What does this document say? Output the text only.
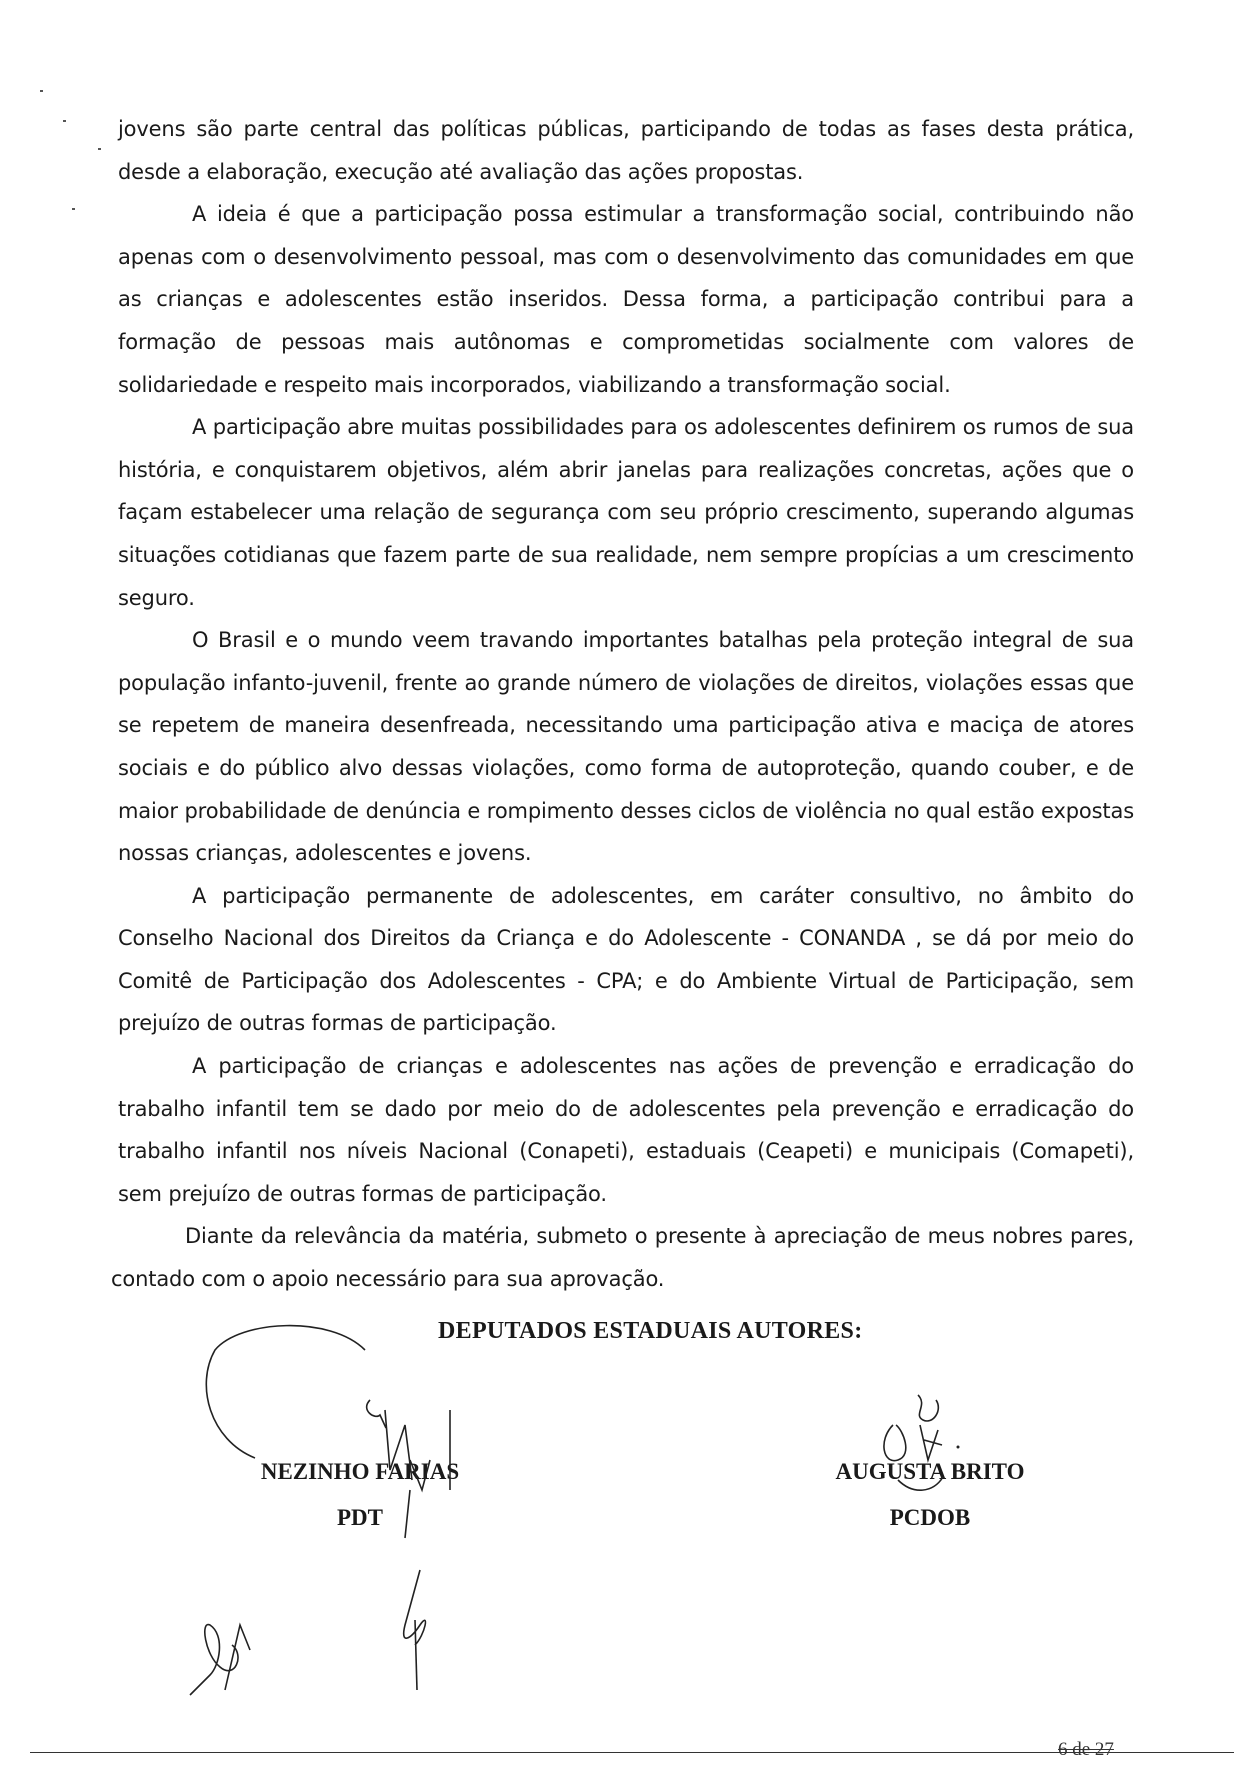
jovens são parte central das políticas públicas, participando de todas as fases desta prática, desde a elaboração, execução até avaliação das ações propostas.

A ideia é que a participação possa estimular a transformação social, contribuindo não apenas com o desenvolvimento pessoal, mas com o desenvolvimento das comunidades em que as crianças e adolescentes estão inseridos. Dessa forma, a participação contribui para a formação de pessoas mais autônomas e comprometidas socialmente com valores de solidariedade e respeito mais incorporados, viabilizando a transformação social.

A participação abre muitas possibilidades para os adolescentes definirem os rumos de sua história, e conquistarem objetivos, além abrir janelas para realizações concretas, ações que o façam estabelecer uma relação de segurança com seu próprio crescimento, superando algumas situações cotidianas que fazem parte de sua realidade, nem sempre propícias a um crescimento seguro.

O Brasil e o mundo veem travando importantes batalhas pela proteção integral de sua população infanto-juvenil, frente ao grande número de violações de direitos, violações essas que se repetem de maneira desenfreada, necessitando uma participação ativa e maciça de atores sociais e do público alvo dessas violações, como forma de autoproteção, quando couber, e de maior probabilidade de denúncia e rompimento desses ciclos de violência no qual estão expostas nossas crianças, adolescentes e jovens.

A participação permanente de adolescentes, em caráter consultivo, no âmbito do Conselho Nacional dos Direitos da Criança e do Adolescente - CONANDA , se dá por meio do Comitê de Participação dos Adolescentes - CPA; e do Ambiente Virtual de Participação, sem prejuízo de outras formas de participação.

A participação de crianças e adolescentes nas ações de prevenção e erradicação do trabalho infantil tem se dado por meio do de adolescentes pela prevenção e erradicação do trabalho infantil nos níveis Nacional (Conapeti), estaduais (Ceapeti) e municipais (Comapeti), sem prejuízo de outras formas de participação.

Diante da relevância da matéria, submeto o presente à apreciação de meus nobres pares, contado com o apoio necessário para sua aprovação.

DEPUTADOS ESTADUAIS AUTORES:
NEZINHO FARIAS
PDT
AUGUSTA BRITO
PCDOB
6 de 27
